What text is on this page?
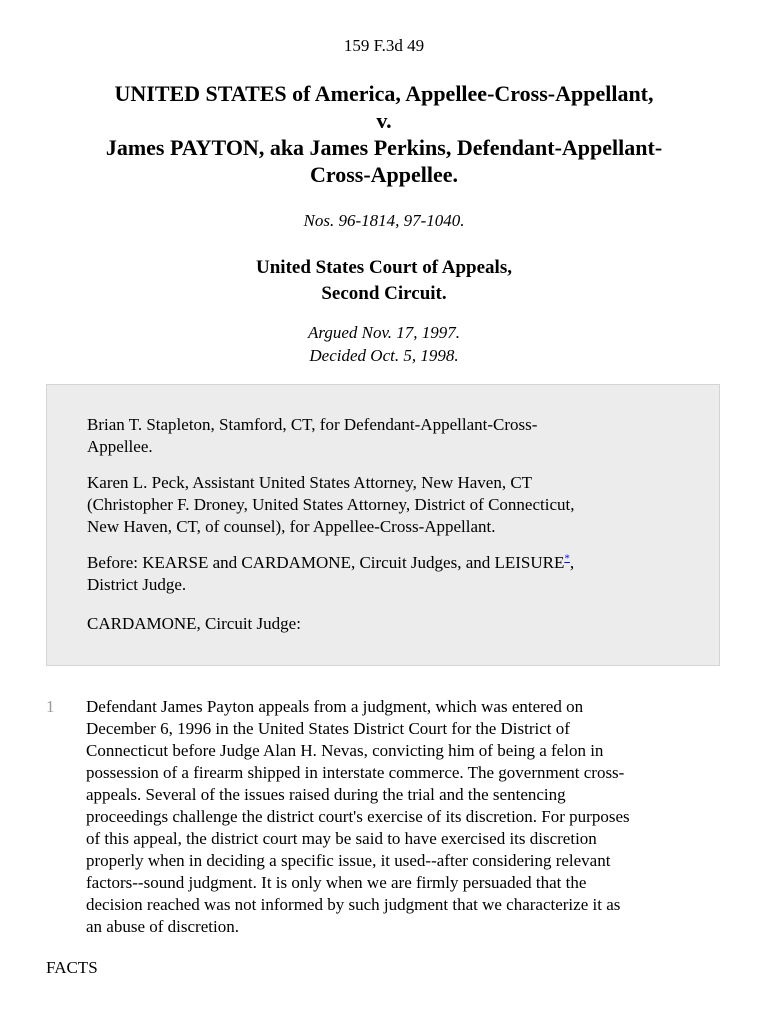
159 F.3d 49
UNITED STATES of America, Appellee-Cross-Appellant,
v.
James PAYTON, aka James Perkins, Defendant-Appellant-
Cross-Appellee.
Nos. 96-1814, 97-1040.
United States Court of Appeals,
Second Circuit.
Argued Nov. 17, 1997.
Decided Oct. 5, 1998.

Brian T. Stapleton, Stamford, CT, for Defendant-Appellant-Cross-
Appellee.

Karen L. Peck, Assistant United States Attorney, New Haven, CT
(Christopher F. Droney, United States Attorney, District of Connecticut,
New Haven, CT, of counsel), for Appellee-Cross-Appellant.

Before: KEARSE and CARDAMONE, Circuit Judges, and LEISURE*,
District Judge.

CARDAMONE, Circuit Judge:

1	Defendant James Payton appeals from a judgment, which was entered on
December 6, 1996 in the United States District Court for the District of
Connecticut before Judge Alan H. Nevas, convicting him of being a felon in
possession of a firearm shipped in interstate commerce. The government cross-
appeals. Several of the issues raised during the trial and the sentencing
proceedings challenge the district court's exercise of its discretion. For purposes
of this appeal, the district court may be said to have exercised its discretion
properly when in deciding a specific issue, it used--after considering relevant
factors--sound judgment. It is only when we are firmly persuaded that the
decision reached was not informed by such judgment that we characterize it as
an abuse of discretion.
FACTS
